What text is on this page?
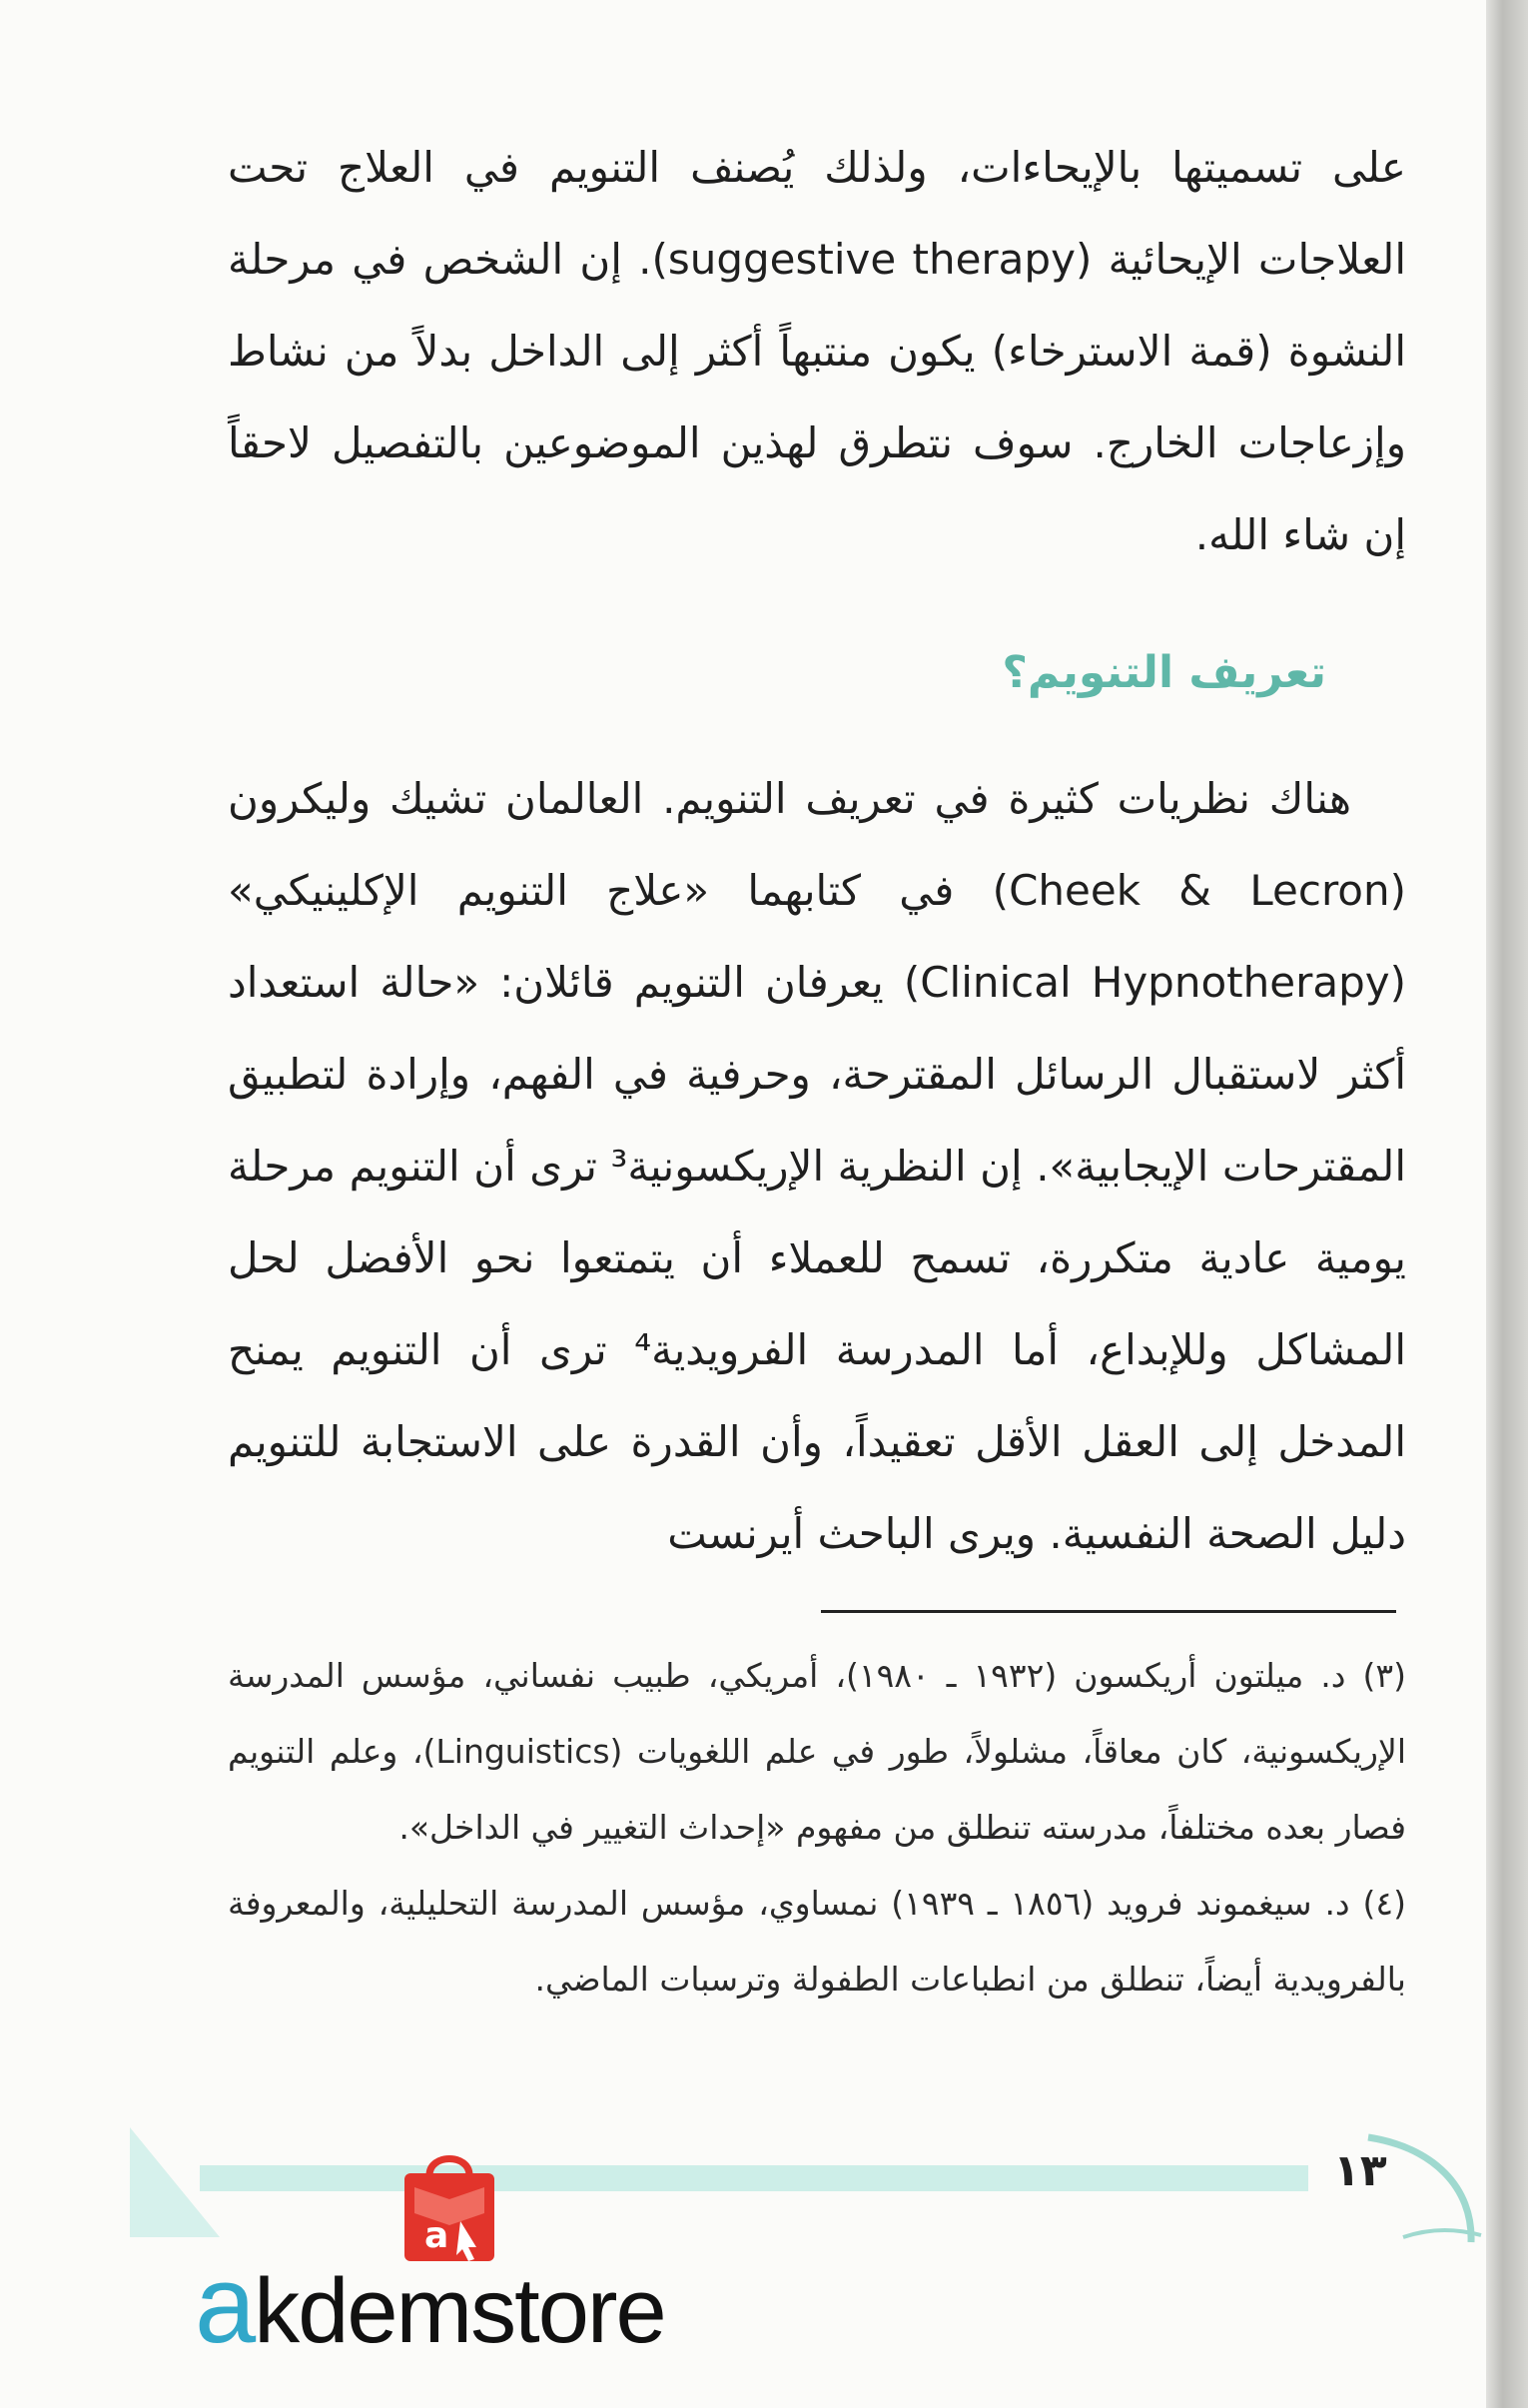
على تسميتها بالإيحاءات، ولذلك يُصنف التنويم في العلاج تحت العلاجات الإيحائية (suggestive therapy). إن الشخص في مرحلة النشوة (قمة الاسترخاء) يكون منتبهاً أكثر إلى الداخل بدلاً من نشاط وإزعاجات الخارج. سوف نتطرق لهذين الموضوعين بالتفصيل لاحقاً إن شاء الله.

تعريف التنويم؟

هناك نظريات كثيرة في تعريف التنويم. العالمان تشيك وليكرون (Cheek & Lecron) في كتابهما «علاج التنويم الإكلينيكي» (Clinical Hypnotherapy) يعرفان التنويم قائلان: «حالة استعداد أكثر لاستقبال الرسائل المقترحة، وحرفية في الفهم، وإرادة لتطبيق المقترحات الإيجابية». إن النظرية الإريكسونية³ ترى أن التنويم مرحلة يومية عادية متكررة، تسمح للعملاء أن يتمتعوا نحو الأفضل لحل المشاكل وللإبداع، أما المدرسة الفرويدية⁴ ترى أن التنويم يمنح المدخل إلى العقل الأقل تعقيداً، وأن القدرة على الاستجابة للتنويم دليل الصحة النفسية. ويرى الباحث أيرنست

(٣) د. ميلتون أريكسون (١٩٣٢ ـ ١٩٨٠)، أمريكي، طبيب نفساني، مؤسس المدرسة الإريكسونية، كان معاقاً، مشلولاً، طور في علم اللغويات (Linguistics)، وعلم التنويم فصار بعده مختلفاً، مدرسته تنطلق من مفهوم «إحداث التغيير في الداخل».

(٤) د. سيغموند فرويد (١٨٥٦ ـ ١٩٣٩) نمساوي، مؤسس المدرسة التحليلية، والمعروفة بالفرويدية أيضاً، تنطلق من انطباعات الطفولة وترسبات الماضي.

١٣
a
akdemstore
